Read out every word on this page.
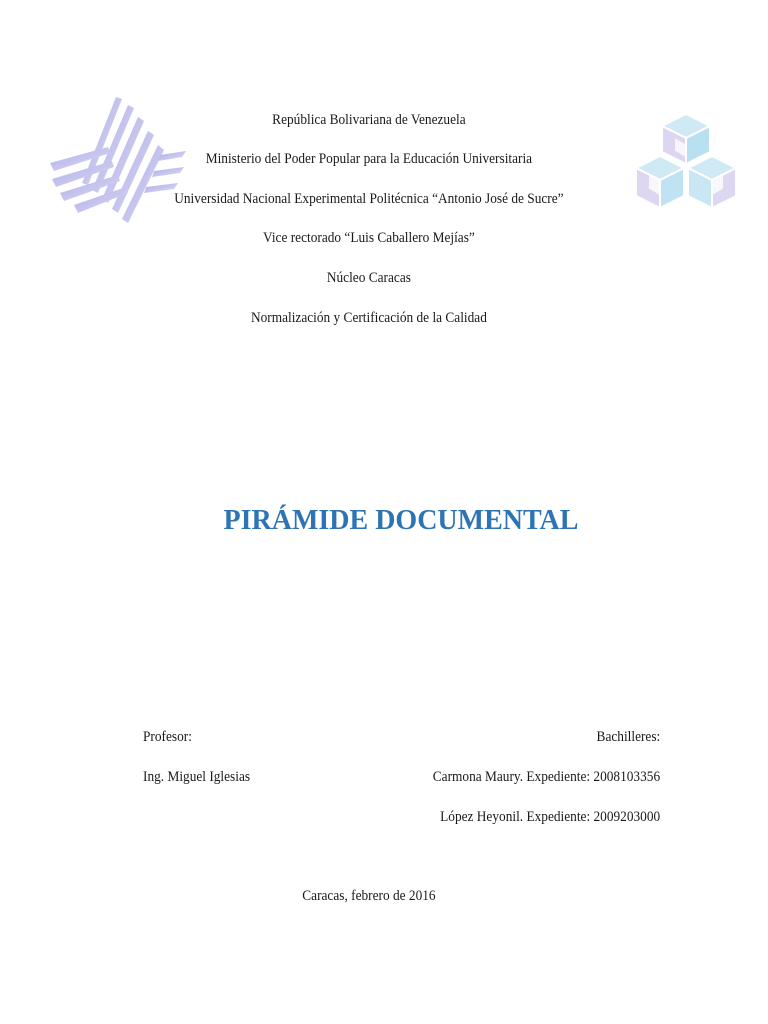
República Bolivariana de Venezuela
Ministerio del Poder Popular para la Educación Universitaria
Universidad Nacional Experimental Politécnica “Antonio José de Sucre”
Vice rectorado “Luis Caballero Mejías”
Núcleo Caracas
Normalización y Certificación de la Calidad
PIRÁMIDE DOCUMENTAL
Profesor:	Bachilleres:
Ing. Miguel Iglesias	Carmona Maury. Expediente: 2008103356
López Heyonil. Expediente: 2009203000
Caracas, febrero de 2016
